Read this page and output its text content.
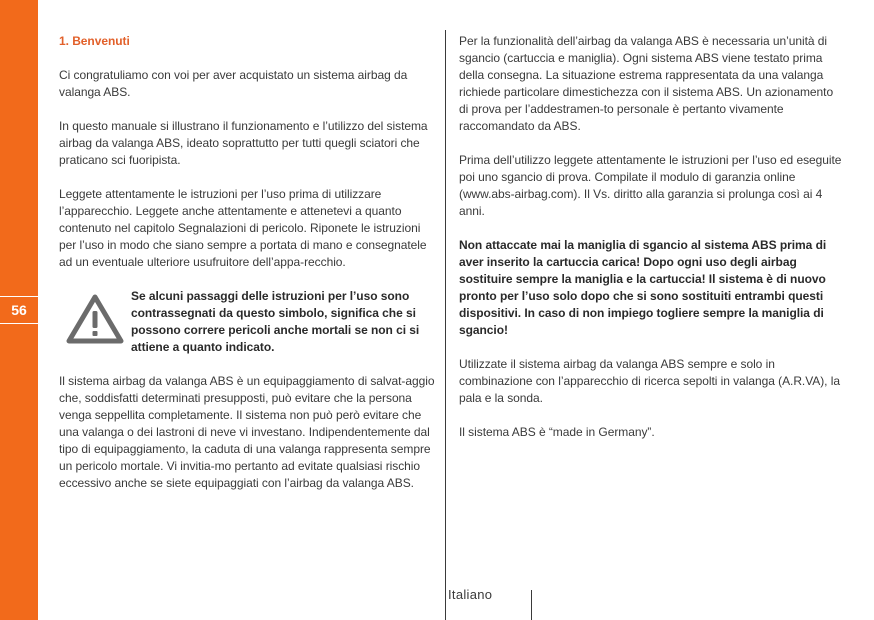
56
1. Benvenuti

Ci congratuliamo con voi per aver acquistato un sistema airbag da valanga ABS.

In questo manuale si illustrano il funzionamento e l’utilizzo del sistema airbag da valanga ABS, ideato soprattutto per tutti quegli sciatori che praticano sci fuoripista.

Leggete attentamente le istruzioni per l’uso prima di utilizzare l’apparecchio. Leggete anche attentamente e attenetevi a quanto contenuto nel capitolo Segnalazioni di pericolo. Riponete le istruzioni per l’uso in modo che siano sempre a portata di mano e consegnatele ad un eventuale ulteriore usufruitore dell’appa-recchio.

Se alcuni passaggi delle istruzioni per l’uso sono contrassegnati da questo simbolo, significa che si possono correre pericoli anche mortali se non ci si attiene a quanto indicato.

Il sistema airbag da valanga ABS è un equipaggiamento di salvat-aggio che, soddisfatti determinati presupposti, può evitare che la persona venga seppellita completamente. Il sistema non può però evitare che una valanga o dei lastroni di neve vi investano. Indipendentemente dal tipo di equipaggiamento, la caduta di una valanga rappresenta sempre un pericolo mortale. Vi invitia-mo pertanto ad evitate qualsiasi rischio eccessivo anche se siete equipaggiati con l’airbag da valanga ABS.

Per la funzionalità dell’airbag da valanga ABS è necessaria un’unità di sgancio (cartuccia e maniglia). Ogni sistema ABS viene testato prima della consegna. La situazione estrema rappresentata da una valanga richiede particolare dimestichezza con il sistema ABS. Un azionamento di prova per l’addestramen-to personale è pertanto vivamente raccomandato da ABS.

Prima dell’utilizzo leggete attentamente le istruzioni per l’uso ed eseguite poi uno sgancio di prova. Compilate il modulo di garanzia online (www.abs-airbag.com). Il Vs. diritto alla garanzia si prolunga così ai 4 anni.

Non attaccate mai la maniglia di sgancio al sistema ABS prima di aver inserito la cartuccia carica! Dopo ogni uso degli airbag sostituire sempre la maniglia e la cartuccia! Il sistema è di nuovo pronto per l’uso solo dopo che si sono sostituiti entrambi questi dispositivi. In caso di non impiego togliere sempre la maniglia di sgancio!

Utilizzate il sistema airbag da valanga ABS sempre e solo in combinazione con l’apparecchio di ricerca sepolti in valanga (A.R.VA), la pala e la sonda.

Il sistema ABS è “made in Germany”.

Italiano
